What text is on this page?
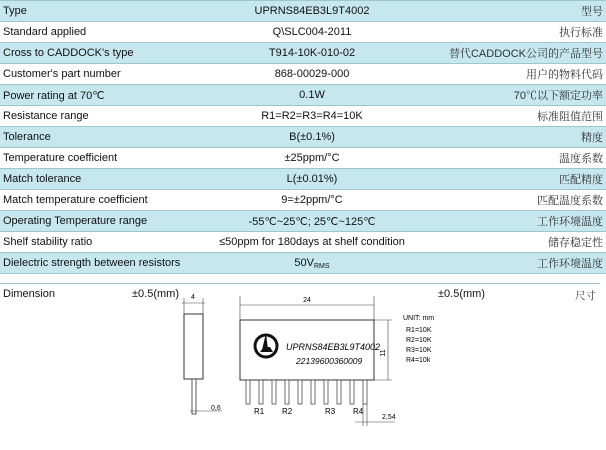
Type	UPRNS84EB3L9T4002	型号
Standard applied	Q\SLC004-2011	执行标准
Cross to CADDOCK's type	T914-10K-010-02	替代CADDOCK公司的产品型号
Customer's part number	868-00029-000	用户的物料代码
Power rating at 70℃	0.1W	70℃以下额定功率
Resistance range	R1=R2=R3=R4=10K	标准阻值范围
Tolerance	B(±0.1%)	精度
Temperature coefficient	±25ppm/°C	温度系数
Match tolerance	L(±0.01%)	匹配精度
Match temperature coefficient	9=±2ppm/°C	匹配温度系数
Operating Temperature range	-55℃~25℃; 25℃~125℃	工作环境温度
Shelf stability ratio	≤50ppm for 180days at shelf condition	储存稳定性
Dielectric strength between resistors	$50V_{RMS}$	工作环境温度
Dimension	±0.5(mm)	±0.5(mm)	尺寸
4
0,6
24
11
UPRNS84EB3L9T4002
22139600360009
R1 R2	R3 R4
2,54
UNIT: mm
R1=10K
R2=10K
R3=10K
R4=10k
